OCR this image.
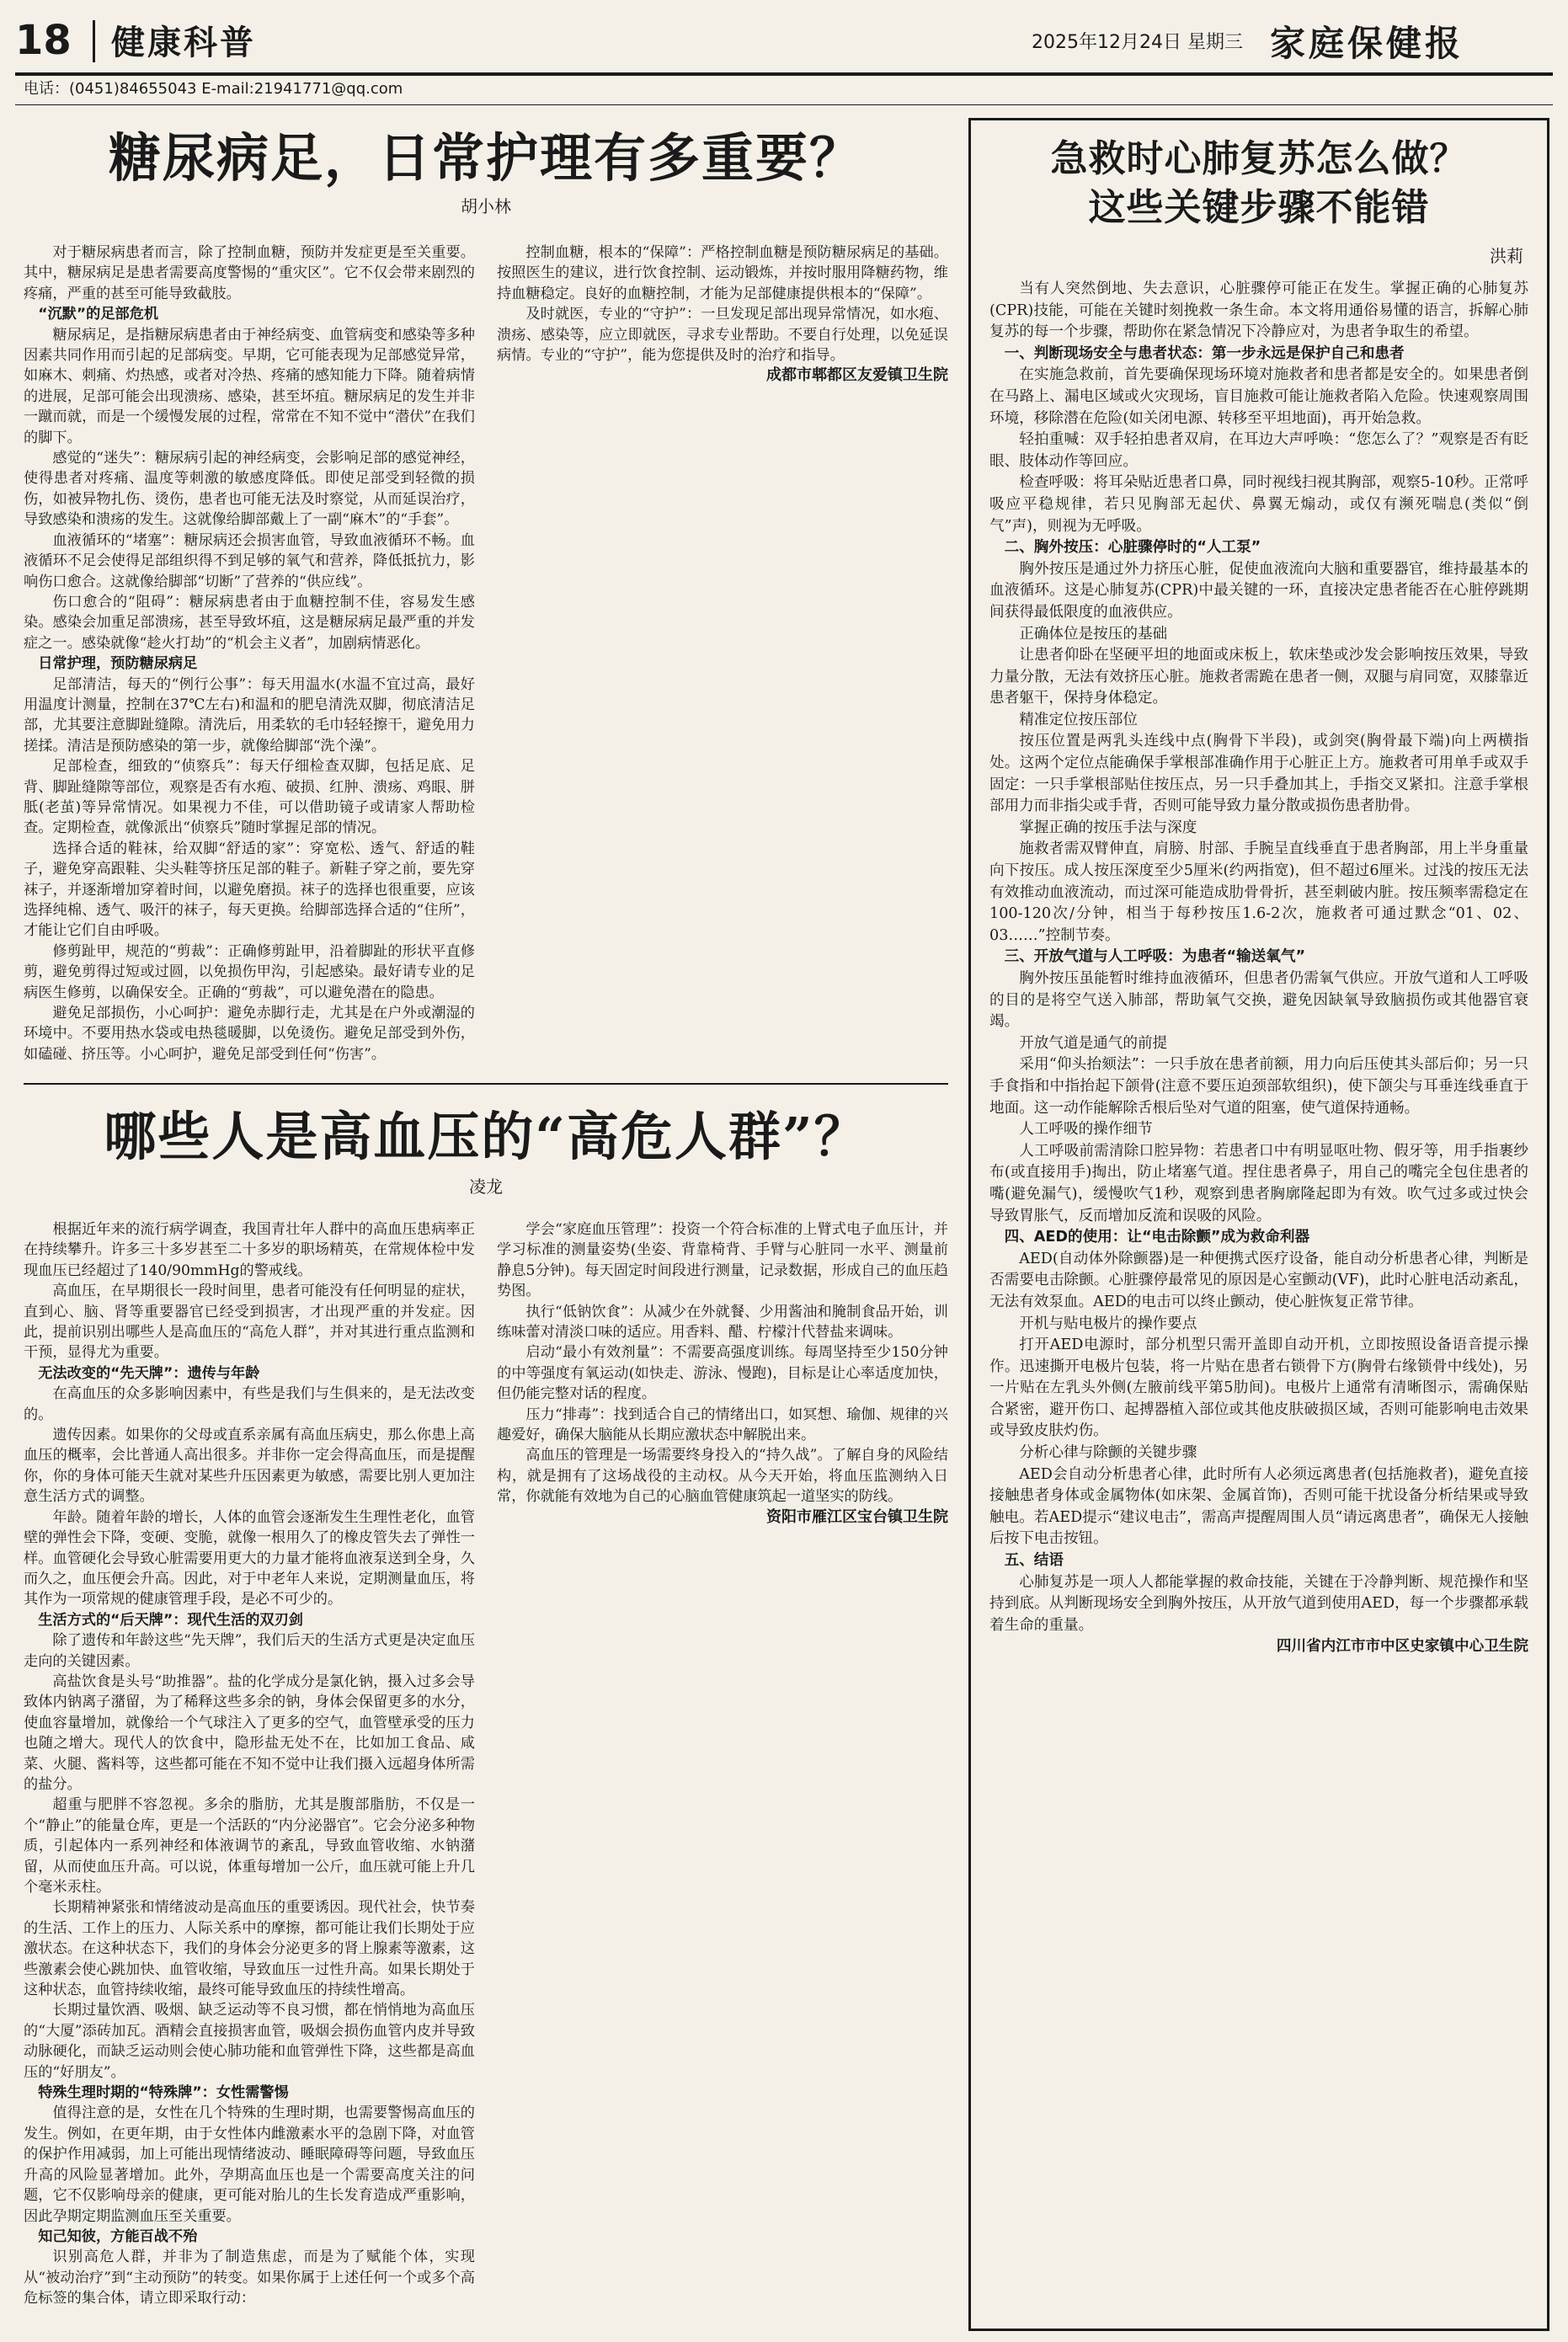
18 健康科普	2025年12月24日 星期三 家庭保健报
电话：(0451)84655043 E-mail:21941771@qq.com
糖尿病足，日常护理有多重要？
胡小林

对于糖尿病患者而言，除了控制血糖，预防并发症更是至关重要。其中，糖尿病足是患者需要高度警惕的“重灾区”。它不仅会带来剧烈的疼痛，严重的甚至可能导致截肢。

“沉默”的足部危机

糖尿病足，是指糖尿病患者由于神经病变、血管病变和感染等多种因素共同作用而引起的足部病变。早期，它可能表现为足部感觉异常，如麻木、刺痛、灼热感，或者对冷热、疼痛的感知能力下降。随着病情的进展，足部可能会出现溃疡、感染，甚至坏疽。糖尿病足的发生并非一蹴而就，而是一个缓慢发展的过程，常常在不知不觉中“潜伏”在我们的脚下。

感觉的“迷失”：糖尿病引起的神经病变，会影响足部的感觉神经，使得患者对疼痛、温度等刺激的敏感度降低。即使足部受到轻微的损伤，如被异物扎伤、烫伤，患者也可能无法及时察觉，从而延误治疗，导致感染和溃疡的发生。这就像给脚部戴上了一副“麻木”的“手套”。

血液循环的“堵塞”：糖尿病还会损害血管，导致血液循环不畅。血液循环不足会使得足部组织得不到足够的氧气和营养，降低抵抗力，影响伤口愈合。这就像给脚部“切断”了营养的“供应线”。

伤口愈合的“阻碍”：糖尿病患者由于血糖控制不佳，容易发生感染。感染会加重足部溃疡，甚至导致坏疽，这是糖尿病足最严重的并发症之一。感染就像“趁火打劫”的“机会主义者”，加剧病情恶化。

日常护理，预防糖尿病足

足部清洁，每天的“例行公事”：每天用温水(水温不宜过高，最好用温度计测量，控制在37℃左右)和温和的肥皂清洗双脚，彻底清洁足部，尤其要注意脚趾缝隙。清洗后，用柔软的毛巾轻轻擦干，避免用力搓揉。清洁是预防感染的第一步，就像给脚部“洗个澡”。

足部检查，细致的“侦察兵”：每天仔细检查双脚，包括足底、足背、脚趾缝隙等部位，观察是否有水疱、破损、红肿、溃疡、鸡眼、胼胝(老茧)等异常情况。如果视力不佳，可以借助镜子或请家人帮助检查。定期检查，就像派出“侦察兵”随时掌握足部的情况。

选择合适的鞋袜，给双脚“舒适的家”：穿宽松、透气、舒适的鞋子，避免穿高跟鞋、尖头鞋等挤压足部的鞋子。新鞋子穿之前，要先穿袜子，并逐渐增加穿着时间，以避免磨损。袜子的选择也很重要，应该选择纯棉、透气、吸汗的袜子，每天更换。给脚部选择合适的“住所”，才能让它们自由呼吸。

修剪趾甲，规范的“剪裁”：正确修剪趾甲，沿着脚趾的形状平直修剪，避免剪得过短或过圆，以免损伤甲沟，引起感染。最好请专业的足病医生修剪，以确保安全。正确的“剪裁”，可以避免潜在的隐患。

避免足部损伤，小心呵护：避免赤脚行走，尤其是在户外或潮湿的环境中。不要用热水袋或电热毯暖脚，以免烫伤。避免足部受到外伤，如磕碰、挤压等。小心呵护，避免足部受到任何“伤害”。

控制血糖，根本的“保障”：严格控制血糖是预防糖尿病足的基础。按照医生的建议，进行饮食控制、运动锻炼，并按时服用降糖药物，维持血糖稳定。良好的血糖控制，才能为足部健康提供根本的“保障”。

及时就医，专业的“守护”：一旦发现足部出现异常情况，如水疱、溃疡、感染等，应立即就医，寻求专业帮助。不要自行处理，以免延误病情。专业的“守护”，能为您提供及时的治疗和指导。

成都市郫都区友爱镇卫生院

哪些人是高血压的“高危人群”？
凌龙

根据近年来的流行病学调查，我国青壮年人群中的高血压患病率正在持续攀升。许多三十多岁甚至二十多岁的职场精英，在常规体检中发现血压已经超过了140/90mmHg的警戒线。

高血压，在早期很长一段时间里，患者可能没有任何明显的症状，直到心、脑、肾等重要器官已经受到损害，才出现严重的并发症。因此，提前识别出哪些人是高血压的“高危人群”，并对其进行重点监测和干预，显得尤为重要。

无法改变的“先天牌”：遗传与年龄

在高血压的众多影响因素中，有些是我们与生俱来的，是无法改变的。

遗传因素。如果你的父母或直系亲属有高血压病史，那么你患上高血压的概率，会比普通人高出很多。并非你一定会得高血压，而是提醒你，你的身体可能天生就对某些升压因素更为敏感，需要比别人更加注意生活方式的调整。

年龄。随着年龄的增长，人体的血管会逐渐发生生理性老化，血管壁的弹性会下降，变硬、变脆，就像一根用久了的橡皮管失去了弹性一样。血管硬化会导致心脏需要用更大的力量才能将血液泵送到全身，久而久之，血压便会升高。因此，对于中老年人来说，定期测量血压，将其作为一项常规的健康管理手段，是必不可少的。

生活方式的“后天牌”：现代生活的双刃剑

除了遗传和年龄这些“先天牌”，我们后天的生活方式更是决定血压走向的关键因素。

高盐饮食是头号“助推器”。盐的化学成分是氯化钠，摄入过多会导致体内钠离子潴留，为了稀释这些多余的钠，身体会保留更多的水分，使血容量增加，就像给一个气球注入了更多的空气，血管壁承受的压力也随之增大。现代人的饮食中，隐形盐无处不在，比如加工食品、咸菜、火腿、酱料等，这些都可能在不知不觉中让我们摄入远超身体所需的盐分。

超重与肥胖不容忽视。多余的脂肪，尤其是腹部脂肪，不仅是一个“静止”的能量仓库，更是一个活跃的“内分泌器官”。它会分泌多种物质，引起体内一系列神经和体液调节的紊乱，导致血管收缩、水钠潴留，从而使血压升高。可以说，体重每增加一公斤，血压就可能上升几个毫米汞柱。

长期精神紧张和情绪波动是高血压的重要诱因。现代社会，快节奏的生活、工作上的压力、人际关系中的摩擦，都可能让我们长期处于应激状态。在这种状态下，我们的身体会分泌更多的肾上腺素等激素，这些激素会使心跳加快、血管收缩，导致血压一过性升高。如果长期处于这种状态，血管持续收缩，最终可能导致血压的持续性增高。

长期过量饮酒、吸烟、缺乏运动等不良习惯，都在悄悄地为高血压的“大厦”添砖加瓦。酒精会直接损害血管，吸烟会损伤血管内皮并导致动脉硬化，而缺乏运动则会使心肺功能和血管弹性下降，这些都是高血压的“好朋友”。

特殊生理时期的“特殊牌”：女性需警惕

值得注意的是，女性在几个特殊的生理时期，也需要警惕高血压的发生。例如，在更年期，由于女性体内雌激素水平的急剧下降，对血管的保护作用减弱，加上可能出现情绪波动、睡眠障碍等问题，导致血压升高的风险显著增加。此外，孕期高血压也是一个需要高度关注的问题，它不仅影响母亲的健康，更可能对胎儿的生长发育造成严重影响，因此孕期定期监测血压至关重要。

知己知彼，方能百战不殆

识别高危人群，并非为了制造焦虑，而是为了赋能个体，实现从“被动治疗”到“主动预防”的转变。如果你属于上述任何一个或多个高危标签的集合体，请立即采取行动：

学会“家庭血压管理”：投资一个符合标准的上臂式电子血压计，并学习标准的测量姿势(坐姿、背靠椅背、手臂与心脏同一水平、测量前静息5分钟)。每天固定时间段进行测量，记录数据，形成自己的血压趋势图。

执行“低钠饮食”：从减少在外就餐、少用酱油和腌制食品开始，训练味蕾对清淡口味的适应。用香料、醋、柠檬汁代替盐来调味。

启动“最小有效剂量”：不需要高强度训练。每周坚持至少150分钟的中等强度有氧运动(如快走、游泳、慢跑)，目标是让心率适度加快，但仍能完整对话的程度。

压力“排毒”：找到适合自己的情绪出口，如冥想、瑜伽、规律的兴趣爱好，确保大脑能从长期应激状态中解脱出来。

高血压的管理是一场需要终身投入的“持久战”。了解自身的风险结构，就是拥有了这场战役的主动权。从今天开始，将血压监测纳入日常，你就能有效地为自己的心脑血管健康筑起一道坚实的防线。

资阳市雁江区宝台镇卫生院

急救时心肺复苏怎么做？
这些关键步骤不能错
洪莉

当有人突然倒地、失去意识，心脏骤停可能正在发生。掌握正确的心肺复苏(CPR)技能，可能在关键时刻挽救一条生命。本文将用通俗易懂的语言，拆解心肺复苏的每一个步骤，帮助你在紧急情况下冷静应对，为患者争取生的希望。

一、判断现场安全与患者状态：第一步永远是保护自己和患者

在实施急救前，首先要确保现场环境对施救者和患者都是安全的。如果患者倒在马路上、漏电区域或火灾现场，盲目施救可能让施救者陷入危险。快速观察周围环境，移除潜在危险(如关闭电源、转移至平坦地面)，再开始急救。

轻拍重喊：双手轻拍患者双肩，在耳边大声呼唤：“您怎么了？”观察是否有眨眼、肢体动作等回应。

检查呼吸：将耳朵贴近患者口鼻，同时视线扫视其胸部，观察5-10秒。正常呼吸应平稳规律，若只见胸部无起伏、鼻翼无煽动，或仅有濒死喘息(类似“倒气”声)，则视为无呼吸。

二、胸外按压：心脏骤停时的“人工泵”

胸外按压是通过外力挤压心脏，促使血液流向大脑和重要器官，维持最基本的血液循环。这是心肺复苏(CPR)中最关键的一环，直接决定患者能否在心脏停跳期间获得最低限度的血液供应。

正确体位是按压的基础

让患者仰卧在坚硬平坦的地面或床板上，软床垫或沙发会影响按压效果，导致力量分散，无法有效挤压心脏。施救者需跪在患者一侧，双腿与肩同宽，双膝靠近患者躯干，保持身体稳定。

精准定位按压部位

按压位置是两乳头连线中点(胸骨下半段)，或剑突(胸骨最下端)向上两横指处。这两个定位点能确保手掌根部准确作用于心脏正上方。施救者可用单手或双手固定：一只手掌根部贴住按压点，另一只手叠加其上，手指交叉紧扣。注意手掌根部用力而非指尖或手背，否则可能导致力量分散或损伤患者肋骨。

掌握正确的按压手法与深度

施救者需双臂伸直，肩膀、肘部、手腕呈直线垂直于患者胸部，用上半身重量向下按压。成人按压深度至少5厘米(约两指宽)，但不超过6厘米。过浅的按压无法有效推动血液流动，而过深可能造成肋骨骨折，甚至刺破内脏。按压频率需稳定在100-120次/分钟，相当于每秒按压1.6-2次，施救者可通过默念“01、02、03……”控制节奏。

三、开放气道与人工呼吸：为患者“输送氧气”

胸外按压虽能暂时维持血液循环，但患者仍需氧气供应。开放气道和人工呼吸的目的是将空气送入肺部，帮助氧气交换，避免因缺氧导致脑损伤或其他器官衰竭。

开放气道是通气的前提

采用“仰头抬颏法”：一只手放在患者前额，用力向后压使其头部后仰；另一只手食指和中指抬起下颌骨(注意不要压迫颈部软组织)，使下颌尖与耳垂连线垂直于地面。这一动作能解除舌根后坠对气道的阻塞，使气道保持通畅。

人工呼吸的操作细节

人工呼吸前需清除口腔异物：若患者口中有明显呕吐物、假牙等，用手指裹纱布(或直接用手)掏出，防止堵塞气道。捏住患者鼻子，用自己的嘴完全包住患者的嘴(避免漏气)，缓慢吹气1秒，观察到患者胸廓隆起即为有效。吹气过多或过快会导致胃胀气，反而增加反流和误吸的风险。

四、AED的使用：让“电击除颤”成为救命利器

AED(自动体外除颤器)是一种便携式医疗设备，能自动分析患者心律，判断是否需要电击除颤。心脏骤停最常见的原因是心室颤动(VF)，此时心脏电活动紊乱，无法有效泵血。AED的电击可以终止颤动，使心脏恢复正常节律。

开机与贴电极片的操作要点

打开AED电源时，部分机型只需开盖即自动开机，立即按照设备语音提示操作。迅速撕开电极片包装，将一片贴在患者右锁骨下方(胸骨右缘锁骨中线处)，另一片贴在左乳头外侧(左腋前线平第5肋间)。电极片上通常有清晰图示，需确保贴合紧密，避开伤口、起搏器植入部位或其他皮肤破损区域，否则可能影响电击效果或导致皮肤灼伤。

分析心律与除颤的关键步骤

AED会自动分析患者心律，此时所有人必须远离患者(包括施救者)，避免直接接触患者身体或金属物体(如床架、金属首饰)，否则可能干扰设备分析结果或导致触电。若AED提示“建议电击”，需高声提醒周围人员“请远离患者”，确保无人接触后按下电击按钮。

五、结语

心肺复苏是一项人人都能掌握的救命技能，关键在于冷静判断、规范操作和坚持到底。从判断现场安全到胸外按压，从开放气道到使用AED，每一个步骤都承载着生命的重量。

四川省内江市市中区史家镇中心卫生院
